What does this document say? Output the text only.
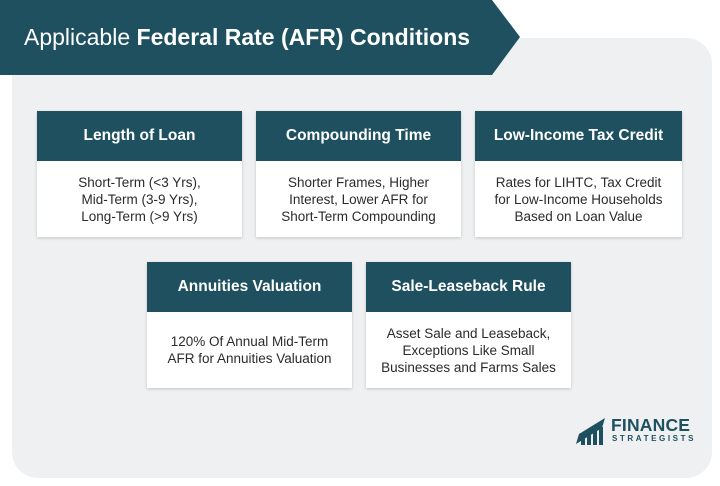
Applicable Federal Rate (AFR) Conditions
Length of Loan
Short-Term (<3 Yrs),
Mid-Term (3-9 Yrs),
Long-Term (>9 Yrs)
Compounding Time
Shorter Frames, Higher
Interest, Lower AFR for
Short-Term Compounding
Low-Income Tax Credit
Rates for LIHTC, Tax Credit
for Low-Income Households
Based on Loan Value
Annuities Valuation
120% Of Annual Mid-Term
AFR for Annuities Valuation
Sale-Leaseback Rule
Asset Sale and Leaseback,
Exceptions Like Small
Businesses and Farms Sales
FINANCE
STRATEGISTS
